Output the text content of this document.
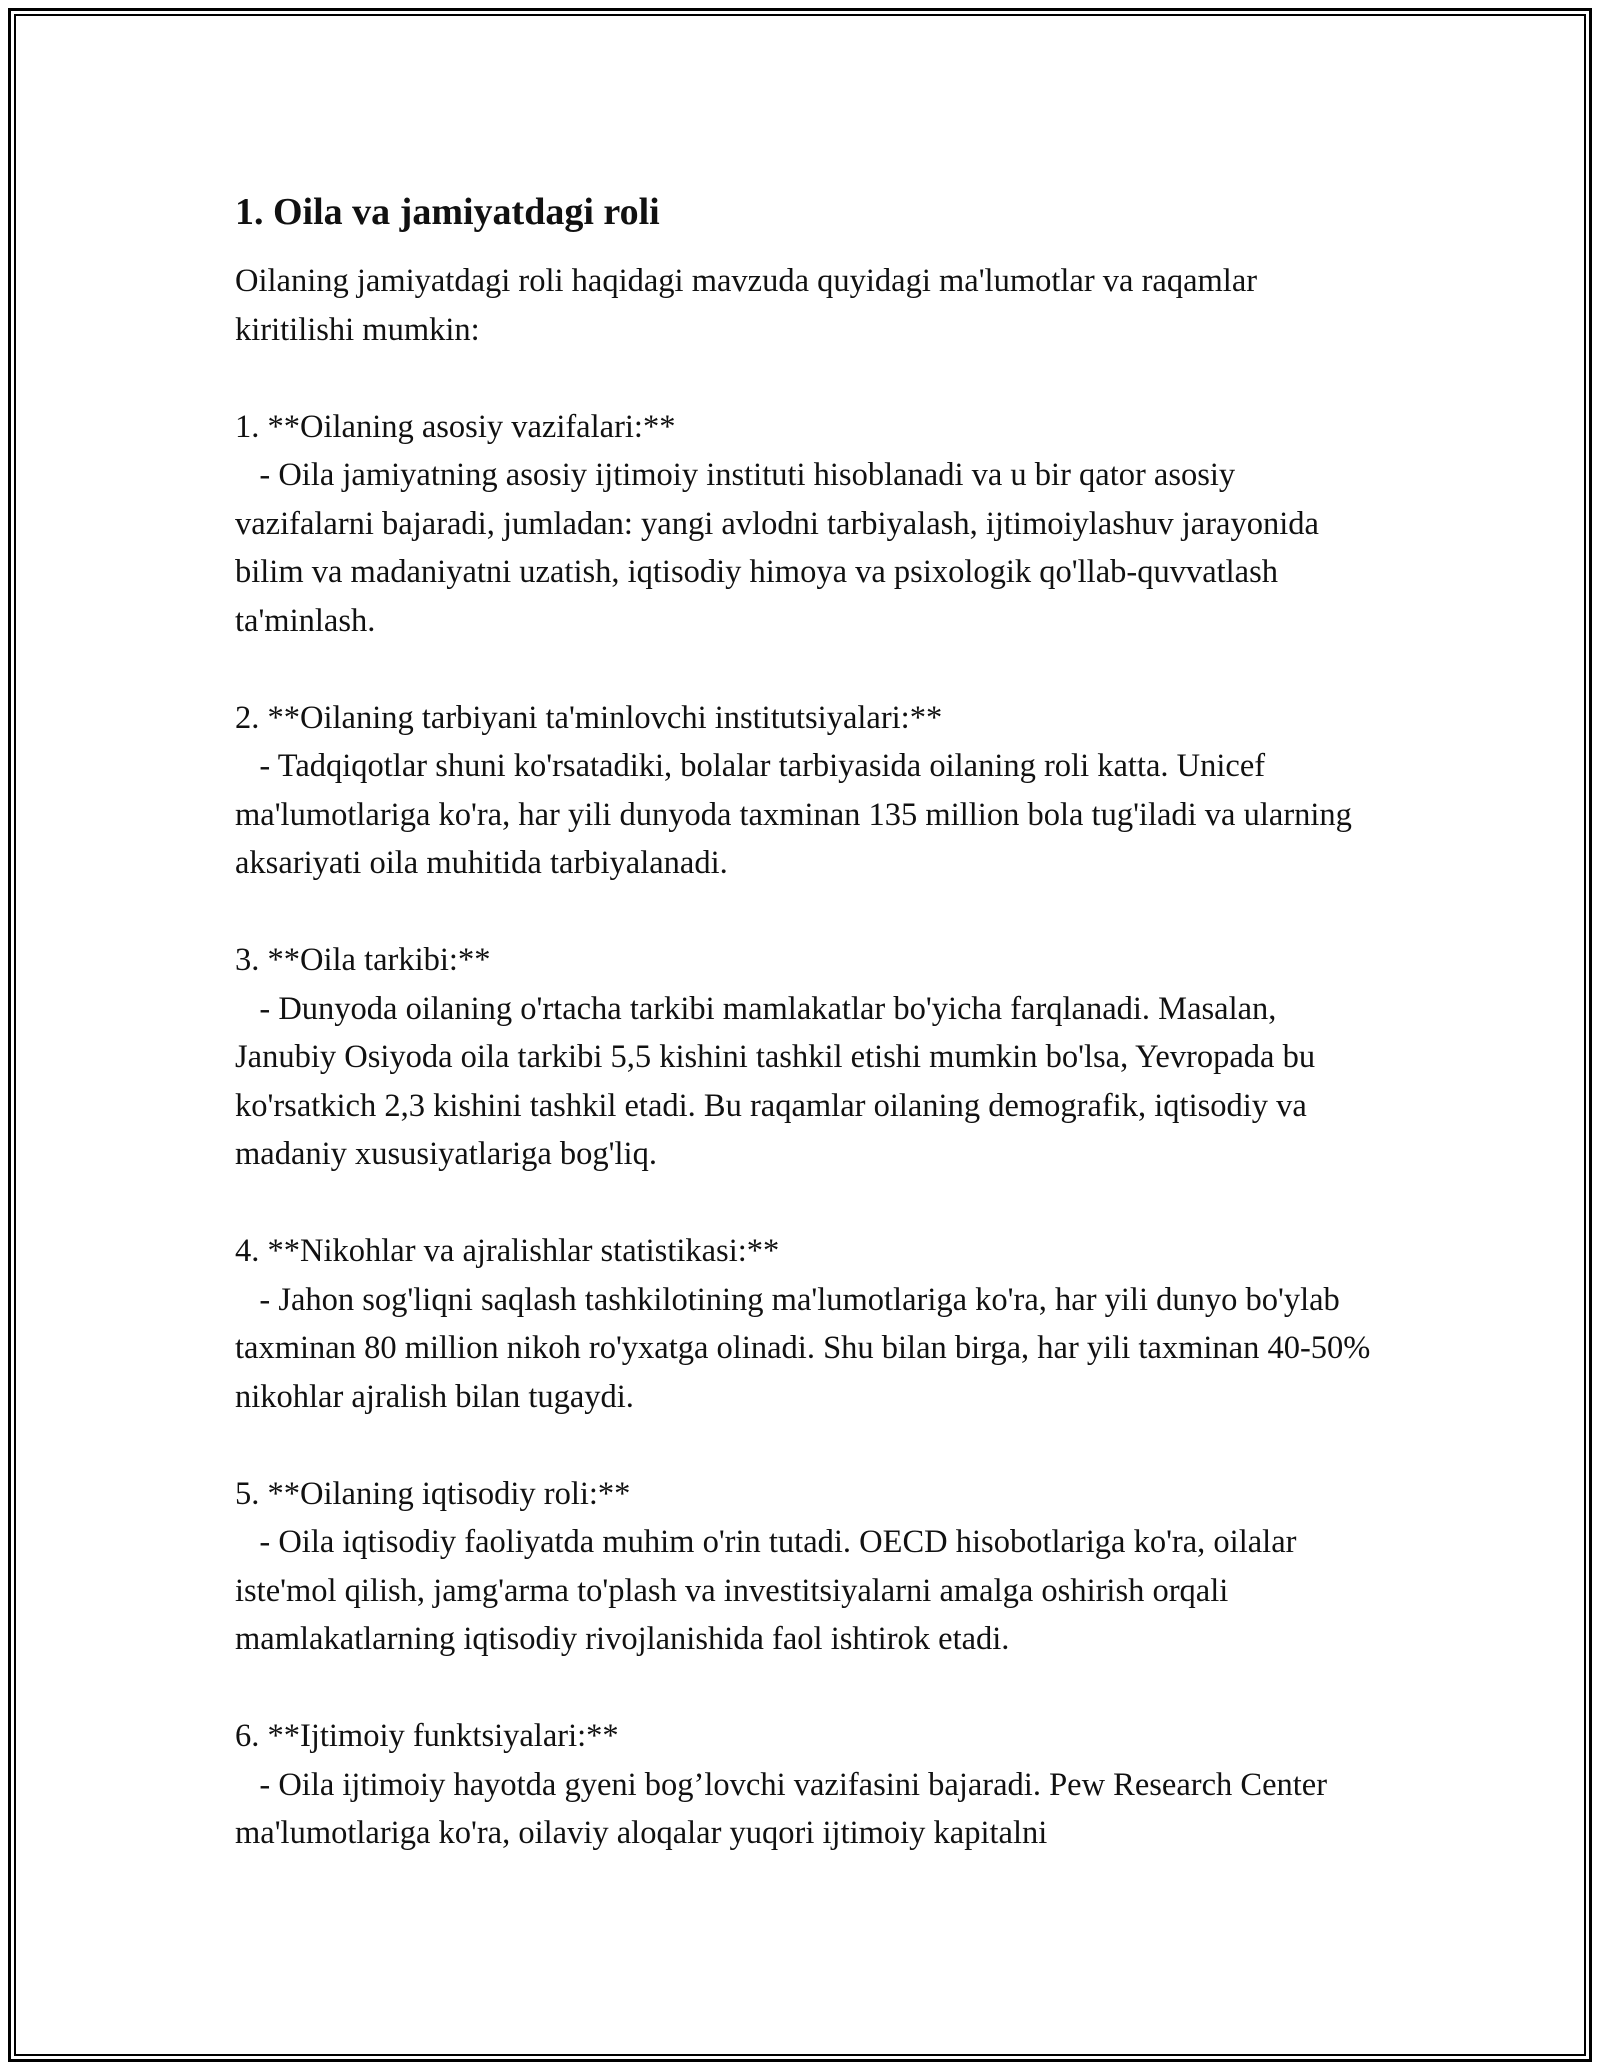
1. Oila va jamiyatdagi roli

Oilaning jamiyatdagi roli haqidagi mavzuda quyidagi ma'lumotlar va raqamlar kiritilishi mumkin:

1. **Oilaning asosiy vazifalari:**
- Oila jamiyatning asosiy ijtimoiy instituti hisoblanadi va u bir qator asosiy vazifalarni bajaradi, jumladan: yangi avlodni tarbiyalash, ijtimoiylashuv jarayonida bilim va madaniyatni uzatish, iqtisodiy himoya va psixologik qo'llab-quvvatlash ta'minlash.
2. **Oilaning tarbiyani ta'minlovchi institutsiyalari:**
- Tadqiqotlar shuni ko'rsatadiki, bolalar tarbiyasida oilaning roli katta. Unicef ma'lumotlariga ko'ra, har yili dunyoda taxminan 135 million bola tug'iladi va ularning aksariyati oila muhitida tarbiyalanadi.
3. **Oila tarkibi:**
- Dunyoda oilaning o'rtacha tarkibi mamlakatlar bo'yicha farqlanadi. Masalan, Janubiy Osiyoda oila tarkibi 5,5 kishini tashkil etishi mumkin bo'lsa, Yevropada bu ko'rsatkich 2,3 kishini tashkil etadi. Bu raqamlar oilaning demografik, iqtisodiy va madaniy xususiyatlariga bog'liq.
4. **Nikohlar va ajralishlar statistikasi:**
- Jahon sog'liqni saqlash tashkilotining ma'lumotlariga ko'ra, har yili dunyo bo'ylab taxminan 80 million nikoh ro'yxatga olinadi. Shu bilan birga, har yili taxminan 40-50% nikohlar ajralish bilan tugaydi.
5. **Oilaning iqtisodiy roli:**
- Oila iqtisodiy faoliyatda muhim o'rin tutadi. OECD hisobotlariga ko'ra, oilalar iste'mol qilish, jamg'arma to'plash va investitsiyalarni amalga oshirish orqali mamlakatlarning iqtisodiy rivojlanishida faol ishtirok etadi.
6. **Ijtimoiy funktsiyalari:**
- Oila ijtimoiy hayotda gyeni bog’lovchi vazifasini bajaradi. Pew Research Center ma'lumotlariga ko'ra, oilaviy aloqalar yuqori ijtimoiy kapitalni
